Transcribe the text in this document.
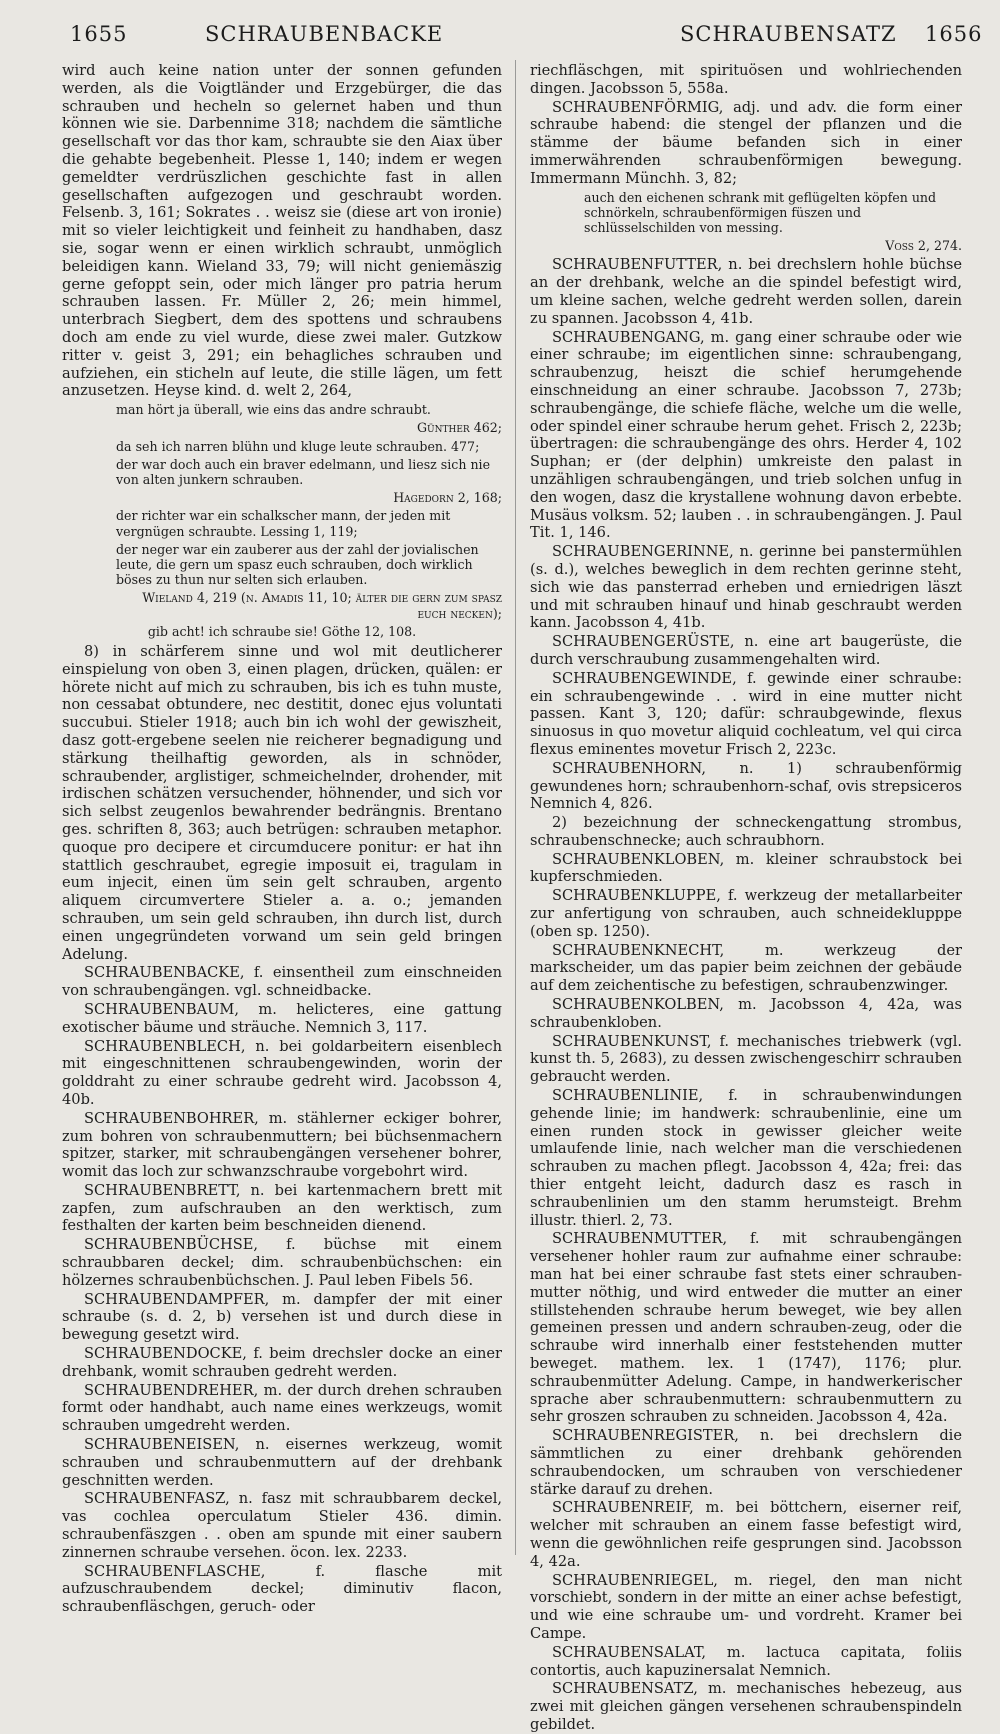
1655	SCHRAUBENBACKE	SCHRAUBENSATZ 1656
wird auch keine nation unter der sonnen gefunden werden, als die Voigtländer und Erzgebürger, die das schrauben und hecheln so gelernet haben und thun können wie sie. Darbennime 318; nachdem die sämtliche gesellschaft vor das thor kam, schraubte sie den Aiax über die gehabte begebenheit. Plesse 1, 140; indem er wegen gemeldter verdrüszlichen geschichte fast in allen gesellschaften aufgezogen und geschraubt worden. Felsenb. 3, 161; Sokrates . . weisz sie (diese art von ironie) mit so vieler leichtigkeit und feinheit zu handhaben, dasz sie, sogar wenn er einen wirklich schraubt, unmöglich beleidigen kann. Wieland 33, 79; will nicht geniemäszig gerne gefoppt sein, oder mich länger pro patria herum schrauben lassen. Fr. Müller 2, 26; mein himmel, unterbrach Siegbert, dem des spottens und schraubens doch am ende zu viel wurde, diese zwei maler. Gutzkow ritter v. geist 3, 291; ein behagliches schrauben und aufziehen, ein sticheln auf leute, die stille lägen, um fett anzusetzen. Heyse kind. d. welt 2, 264,
man hört ja überall, wie eins das andre schraubt.
Günther 462;
da seh ich narren blühn und kluge leute schrauben. 477;
der war doch auch ein braver edelmann, und liesz sich nie von alten junkern schrauben.
Hagedorn 2, 168;
der richter war ein schalkscher mann, der jeden mit vergnügen schraubte. Lessing 1, 119;
der neger war ein zauberer aus der zahl der jovialischen leute, die gern um spasz euch schrauben, doch wirklich böses zu thun nur selten sich erlauben.
Wieland 4, 219 (n. Amadis 11, 10; älter die gern zum spasz euch necken);
gib acht! ich schraube sie! Göthe 12, 108.
8) in schärferem sinne und wol mit deutlicherer einspielung von oben 3, einen plagen, drücken, quälen: er hörete nicht auf mich zu schrauben, bis ich es tuhn muste, non cessabat obtundere, nec destitit, donec ejus voluntati succubui. Stieler 1918; auch bin ich wohl der gewiszheit, dasz gott-ergebene seelen nie reicherer begnadigung und stärkung theilhaftig geworden, als in schnöder, schraubender, arglistiger, schmeichelnder, drohender, mit irdischen schätzen versuchender, höhnender, und sich vor sich selbst zeugenlos bewahrender bedrängnis. Brentano ges. schriften 8, 363; auch betrügen: schrauben metaphor. quoque pro decipere et circumducere ponitur: er hat ihn stattlich geschraubet, egregie imposuit ei, tragulam in eum injecit, einen üm sein gelt schrauben, argento aliquem circumvertere Stieler a. a. o.; jemanden schrauben, um sein geld schrauben, ihn durch list, durch einen ungegründeten vorwand um sein geld bringen Adelung.
SCHRAUBENBACKE, f. einsentheil zum einschneiden von schraubengängen. vgl. schneidbacke.
SCHRAUBENBAUM, m. helicteres, eine gattung exotischer bäume und sträuche. Nemnich 3, 117.
SCHRAUBENBLECH, n. bei goldarbeitern eisenblech mit eingeschnittenen schraubengewinden, worin der golddraht zu einer schraube gedreht wird. Jacobsson 4, 40b.
SCHRAUBENBOHRER, m. stählerner eckiger bohrer, zum bohren von schraubenmuttern; bei büchsenmachern spitzer, starker, mit schraubengängen versehener bohrer, womit das loch zur schwanzschraube vorgebohrt wird.
SCHRAUBENBRETT, n. bei kartenmachern brett mit zapfen, zum aufschrauben an den werktisch, zum festhalten der karten beim beschneiden dienend.
SCHRAUBENBÜCHSE, f. büchse mit einem schraubbaren deckel; dim. schraubenbüchschen: ein hölzernes schraubenbüchschen. J. Paul leben Fibels 56.
SCHRAUBENDAMPFER, m. dampfer der mit einer schraube (s. d. 2, b) versehen ist und durch diese in bewegung gesetzt wird.
SCHRAUBENDOCKE, f. beim drechsler docke an einer drehbank, womit schrauben gedreht werden.
SCHRAUBENDREHER, m. der durch drehen schrauben formt oder handhabt, auch name eines werkzeugs, womit schrauben umgedreht werden.
SCHRAUBENEISEN, n. eisernes werkzeug, womit schrauben und schraubenmuttern auf der drehbank geschnitten werden.
SCHRAUBENFASZ, n. fasz mit schraubbarem deckel, vas cochlea operculatum Stieler 436. dimin. schraubenfäszgen . . oben am spunde mit einer saubern zinnernen schraube versehen. öcon. lex. 2233.
SCHRAUBENFLASCHE, f. flasche mit aufzuschraubendem deckel; diminutiv flacon, schraubenfläschgen, geruch- oder
riechfläschgen, mit spirituösen und wohlriechenden dingen. Jacobsson 5, 558a.
SCHRAUBENFÖRMIG, adj. und adv. die form einer schraube habend: die stengel der pflanzen und die stämme der bäume befanden sich in einer immerwährenden schraubenförmigen bewegung. Immermann Münchh. 3, 82;
auch den eichenen schrank mit geflügelten köpfen und schnörkeln, schraubenförmigen füszen und schlüsselschilden von messing.
Voss 2, 274.
SCHRAUBENFUTTER, n. bei drechslern hohle büchse an der drehbank, welche an die spindel befestigt wird, um kleine sachen, welche gedreht werden sollen, darein zu spannen. Jacobsson 4, 41b.
SCHRAUBENGANG, m. gang einer schraube oder wie einer schraube; im eigentlichen sinne: schraubengang, schraubenzug, heiszt die schief herumgehende einschneidung an einer schraube. Jacobsson 7, 273b; schraubengänge, die schiefe fläche, welche um die welle, oder spindel einer schraube herum gehet. Frisch 2, 223b; übertragen: die schraubengänge des ohrs. Herder 4, 102 Suphan; er (der delphin) umkreiste den palast in unzähligen schraubengängen, und trieb solchen unfug in den wogen, dasz die krystallene wohnung davon erbebte. Musäus volksm. 52; lauben . . in schraubengängen. J. Paul Tit. 1, 146.
SCHRAUBENGERINNE, n. gerinne bei panstermühlen (s. d.), welches beweglich in dem rechten gerinne steht, sich wie das pansterrad erheben und erniedrigen läszt und mit schrauben hinauf und hinab geschraubt werden kann. Jacobsson 4, 41b.
SCHRAUBENGERÜSTE, n. eine art baugerüste, die durch verschraubung zusammengehalten wird.
SCHRAUBENGEWINDE, f. gewinde einer schraube: ein schraubengewinde . . wird in eine mutter nicht passen. Kant 3, 120; dafür: schraubgewinde, flexus sinuosus in quo movetur aliquid cochleatum, vel qui circa flexus eminentes movetur Frisch 2, 223c.
SCHRAUBENHORN, n. 1) schraubenförmig gewundenes horn; schraubenhorn-schaf, ovis strepsiceros Nemnich 4, 826.
2) bezeichnung der schneckengattung strombus, schraubenschnecke; auch schraubhorn.
SCHRAUBENKLOBEN, m. kleiner schraubstock bei kupferschmieden.
SCHRAUBENKLUPPE, f. werkzeug der metallarbeiter zur anfertigung von schrauben, auch schneideklupppe (oben sp. 1250).
SCHRAUBENKNECHT, m. werkzeug der markscheider, um das papier beim zeichnen der gebäude auf dem zeichentische zu befestigen, schraubenzwinger.
SCHRAUBENKOLBEN, m. Jacobsson 4, 42a, was schraubenkloben.
SCHRAUBENKUNST, f. mechanisches triebwerk (vgl. kunst th. 5, 2683), zu dessen zwischengeschirr schrauben gebraucht werden.
SCHRAUBENLINIE, f. in schraubenwindungen gehende linie; im handwerk: schraubenlinie, eine um einen runden stock in gewisser gleicher weite umlaufende linie, nach welcher man die verschiedenen schrauben zu machen pflegt. Jacobsson 4, 42a; frei: das thier entgeht leicht, dadurch dasz es rasch in schraubenlinien um den stamm herumsteigt. Brehm illustr. thierl. 2, 73.
SCHRAUBENMUTTER, f. mit schraubengängen versehener hohler raum zur aufnahme einer schraube: man hat bei einer schraube fast stets einer schrauben-mutter nöthig, und wird entweder die mutter an einer stillstehenden schraube herum beweget, wie bey allen gemeinen pressen und andern schrauben-zeug, oder die schraube wird innerhalb einer feststehenden mutter beweget. mathem. lex. 1 (1747), 1176; plur. schraubenmütter Adelung. Campe, in handwerkerischer sprache aber schraubenmuttern: schraubenmuttern zu sehr groszen schrauben zu schneiden. Jacobsson 4, 42a.
SCHRAUBENREGISTER, n. bei drechslern die sämmtlichen zu einer drehbank gehörenden schraubendocken, um schrauben von verschiedener stärke darauf zu drehen.
SCHRAUBENREIF, m. bei böttchern, eiserner reif, welcher mit schrauben an einem fasse befestigt wird, wenn die gewöhnlichen reife gesprungen sind. Jacobsson 4, 42a.
SCHRAUBENRIEGEL, m. riegel, den man nicht vorschiebt, sondern in der mitte an einer achse befestigt, und wie eine schraube um- und vordreht. Kramer bei Campe.
SCHRAUBENSALAT, m. lactuca capitata, foliis contortis, auch kapuzinersalat Nemnich.
SCHRAUBENSATZ, m. mechanisches hebezeug, aus zwei mit gleichen gängen versehenen schraubenspindeln gebildet.
